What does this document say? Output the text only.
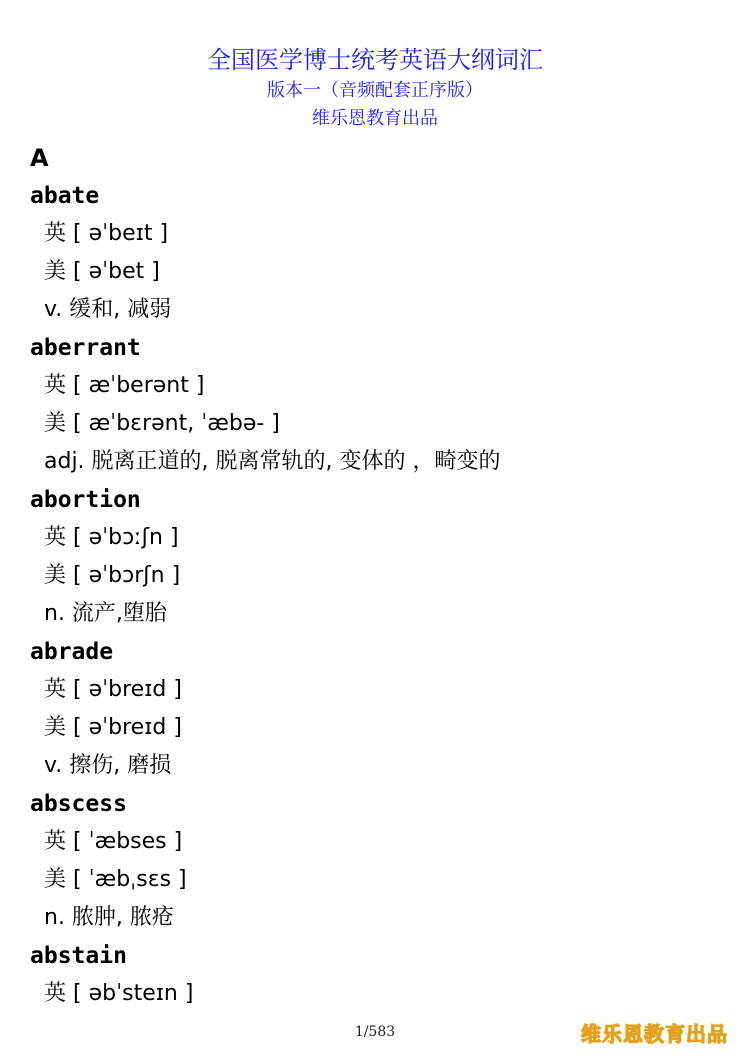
全国医学博士统考英语大纲词汇
版本一（音频配套正序版）
维乐恩教育出品
A
abate
英 [ əˈbeɪt ]
美 [ əˈbet ]
v. 缓和, 减弱
aberrant
英 [ æˈberənt ]
美 [ æˈbɛrənt, ˈæbə- ]
adj. 脱离正道的, 脱离常轨的, 变体的 ，畸变的
abortion
英 [ əˈbɔːʃn ]
美 [ əˈbɔrʃn ]
n. 流产,堕胎
abrade
英 [ əˈbreɪd ]
美 [ əˈbreɪd ]
v. 擦伤, 磨损
abscess
英 [ ˈæbses ]
美 [ ˈæbˌsɛs ]
n. 脓肿, 脓疮
abstain
英 [ əbˈsteɪn ]
1/583	维乐恩教育出品
